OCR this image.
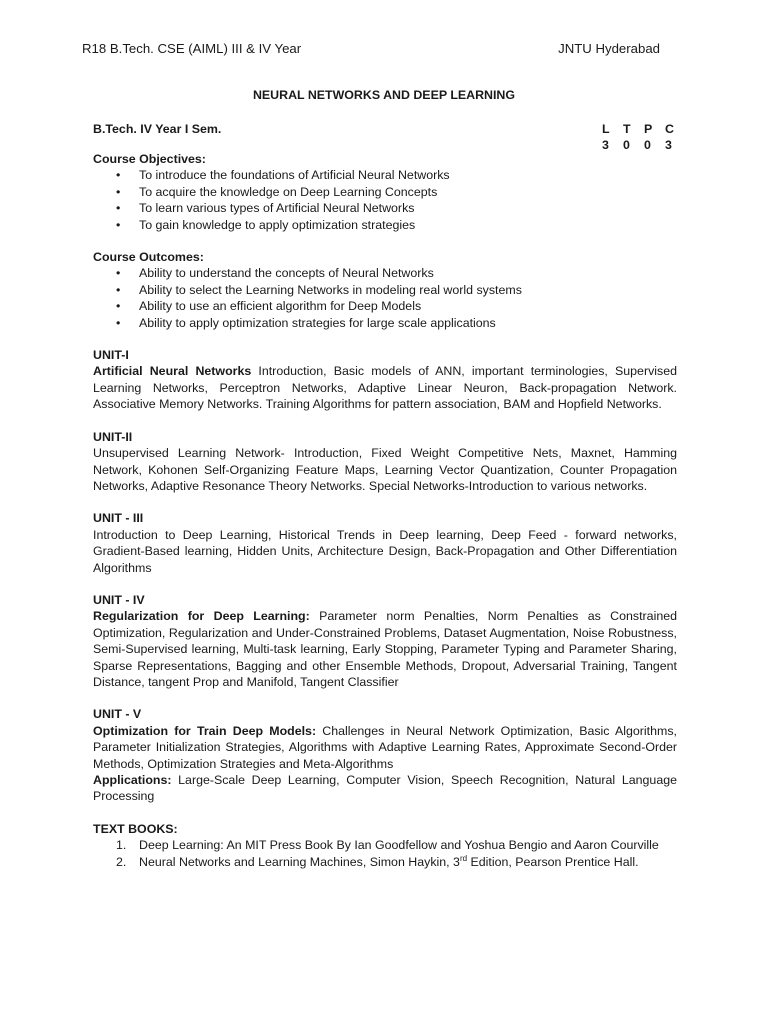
R18 B.Tech. CSE (AIML) III & IV Year	JNTU Hyderabad
NEURAL NETWORKS AND DEEP LEARNING
B.Tech. IV Year I Sem.	L	T	P	C
3	0	0	3

Course Objectives:

• To introduce the foundations of Artificial Neural Networks
• To acquire the knowledge on Deep Learning Concepts
• To learn various types of Artificial Neural Networks
• To gain knowledge to apply optimization strategies

Course Outcomes:

• Ability to understand the concepts of Neural Networks
• Ability to select the Learning Networks in modeling real world systems
• Ability to use an efficient algorithm for Deep Models
• Ability to apply optimization strategies for large scale applications

UNIT-I

Artificial Neural Networks Introduction, Basic models of ANN, important terminologies, Supervised Learning Networks, Perceptron Networks, Adaptive Linear Neuron, Back-propagation Network. Associative Memory Networks. Training Algorithms for pattern association, BAM and Hopfield Networks.

UNIT-II

Unsupervised Learning Network- Introduction, Fixed Weight Competitive Nets, Maxnet, Hamming Network, Kohonen Self-Organizing Feature Maps, Learning Vector Quantization, Counter Propagation Networks, Adaptive Resonance Theory Networks. Special Networks-Introduction to various networks.

UNIT - III

Introduction to Deep Learning, Historical Trends in Deep learning, Deep Feed - forward networks, Gradient-Based learning, Hidden Units, Architecture Design, Back-Propagation and Other Differentiation Algorithms

UNIT - IV

Regularization for Deep Learning: Parameter norm Penalties, Norm Penalties as Constrained Optimization, Regularization and Under-Constrained Problems, Dataset Augmentation, Noise Robustness, Semi-Supervised learning, Multi-task learning, Early Stopping, Parameter Typing and Parameter Sharing, Sparse Representations, Bagging and other Ensemble Methods, Dropout, Adversarial Training, Tangent Distance, tangent Prop and Manifold, Tangent Classifier

UNIT - V

Optimization for Train Deep Models: Challenges in Neural Network Optimization, Basic Algorithms, Parameter Initialization Strategies, Algorithms with Adaptive Learning Rates, Approximate Second-Order Methods, Optimization Strategies and Meta-Algorithms

Applications: Large-Scale Deep Learning, Computer Vision, Speech Recognition, Natural Language Processing

TEXT BOOKS:

1. Deep Learning: An MIT Press Book By Ian Goodfellow and Yoshua Bengio and Aaron Courville
2. Neural Networks and Learning Machines, Simon Haykin, 3rd Edition, Pearson Prentice Hall.
